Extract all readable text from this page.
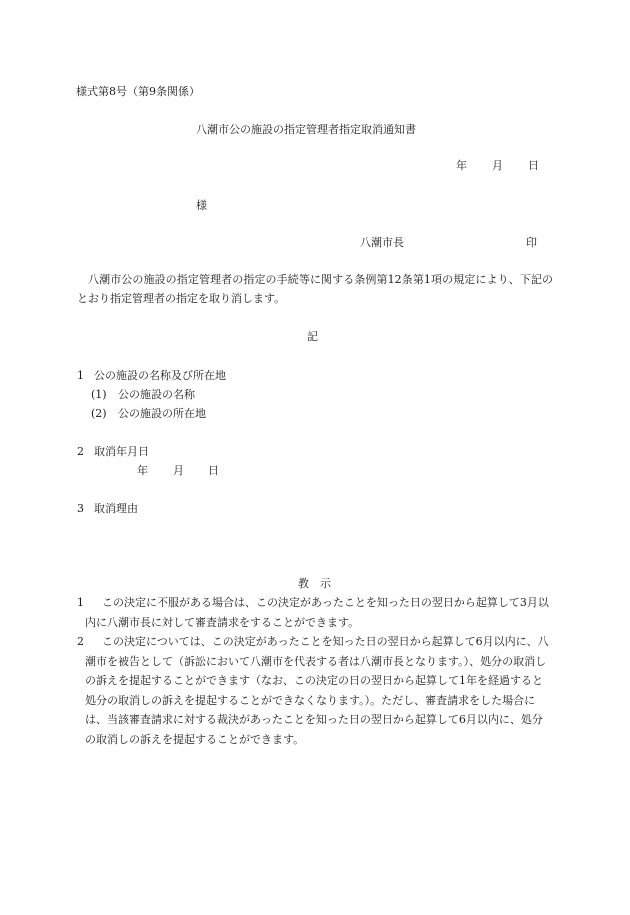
様式第8号（第9条関係）
八潮市公の施設の指定管理者指定取消通知書
年 月 日
様
八潮市長	印
八潮市公の施設の指定管理者の指定の手続等に関する条例第12条第1項の規定により、下記のとおり指定管理者の指定を取り消します。
記
1 公の施設の名称及び所在地
(1) 公の施設の名称
(2) 公の施設の所在地
2 取消年月日
年 月 日
3 取消理由
教　示
1	この決定に不服がある場合は、この決定があったことを知った日の翌日から起算して3月以内に八潮市長に対して審査請求をすることができます。
2	この決定については、この決定があったことを知った日の翌日から起算して6月以内に、八潮市を被告として（訴訟において八潮市を代表する者は八潮市長となります。）、処分の取消しの訴えを提起することができます（なお、この決定の日の翌日から起算して1年を経過すると処分の取消しの訴えを提起することができなくなります。）。ただし、審査請求をした場合には、当該審査請求に対する裁決があったことを知った日の翌日から起算して6月以内に、処分の取消しの訴えを提起することができます。
